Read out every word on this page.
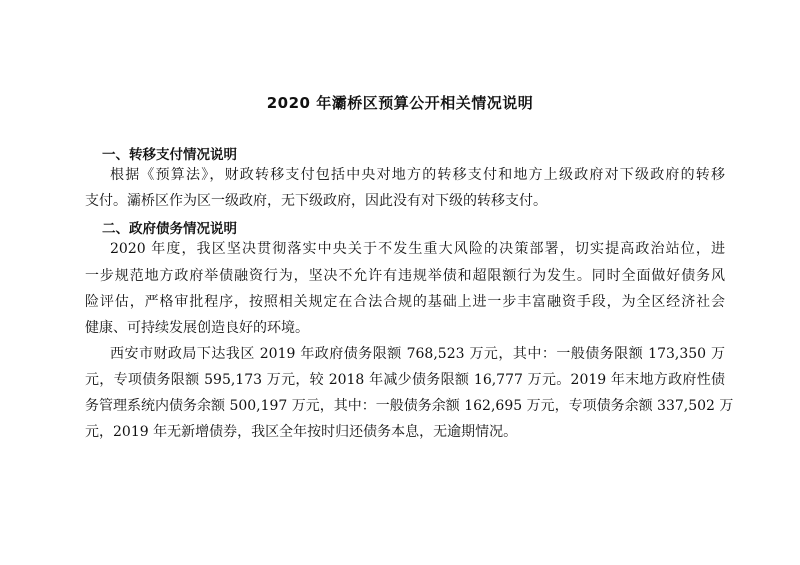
2020 年灞桥区预算公开相关情况说明
一、转移支付情况说明
根据《预算法》，财政转移支付包括中央对地方的转移支付和地方上级政府对下级政府的转移
支付。灞桥区作为区一级政府，无下级政府，因此没有对下级的转移支付。
二、政府债务情况说明
2020 年度，我区坚决贯彻落实中央关于不发生重大风险的决策部署，切实提高政治站位，进
一步规范地方政府举债融资行为，坚决不允许有违规举债和超限额行为发生。同时全面做好债务风
险评估，严格审批程序，按照相关规定在合法合规的基础上进一步丰富融资手段，为全区经济社会
健康、可持续发展创造良好的环境。
西安市财政局下达我区 2019 年政府债务限额 768,523 万元，其中：一般债务限额 173,350 万
元，专项债务限额 595,173 万元，较 2018 年减少债务限额 16,777 万元。2019 年末地方政府性债
务管理系统内债务余额 500,197 万元，其中：一般债务余额 162,695 万元，专项债务余额 337,502 万
元，2019 年无新增债券，我区全年按时归还债务本息，无逾期情况。
